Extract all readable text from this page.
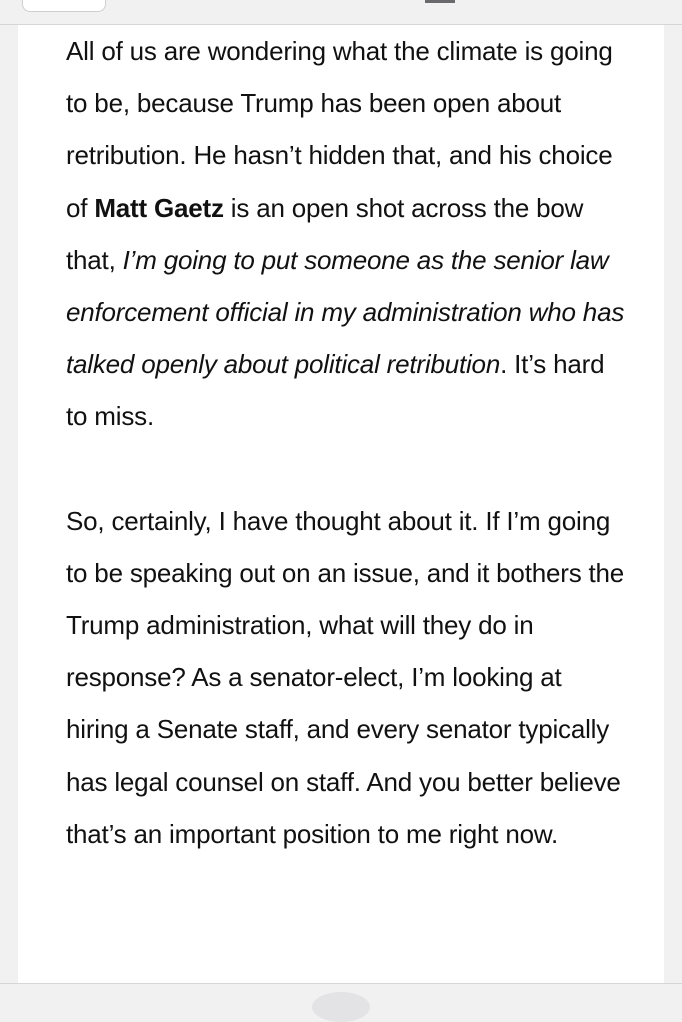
All of us are wondering what the climate is going to be, because Trump has been open about retribution. He hasn’t hidden that, and his choice of Matt Gaetz is an open shot across the bow that, I’m going to put someone as the senior law enforcement official in my administration who has talked openly about political retribution. It’s hard to miss.

So, certainly, I have thought about it. If I’m going to be speaking out on an issue, and it bothers the Trump administration, what will they do in response? As a senator-elect, I’m looking at hiring a Senate staff, and every senator typically has legal counsel on staff. And you better believe that’s an important position to me right now.
